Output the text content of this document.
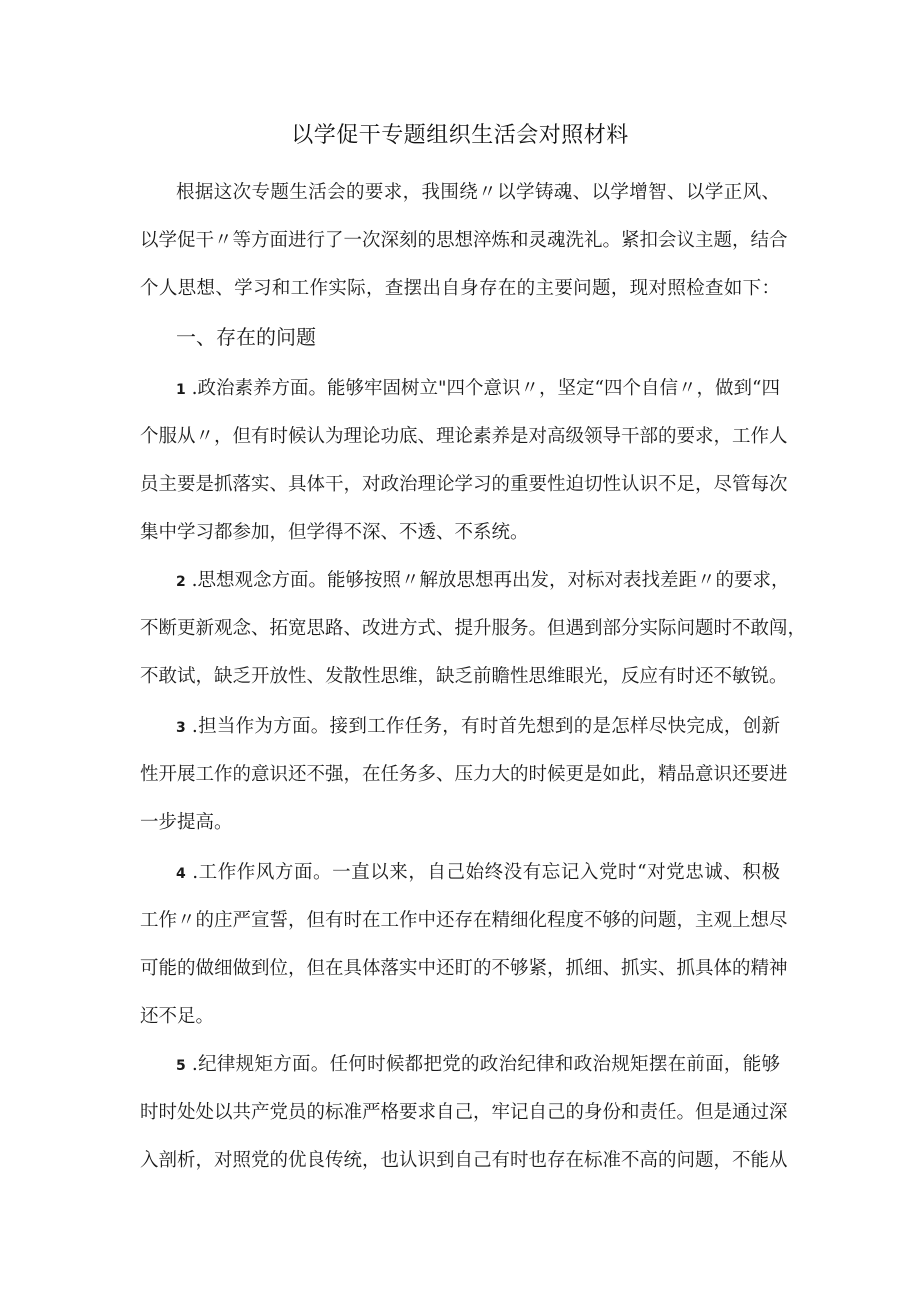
以学促干专题组织生活会对照材料
根据这次专题生活会的要求，我围绕〃以学铸魂、以学增智、以学正风、
以学促干〃等方面进行了一次深刻的思想淬炼和灵魂洗礼。紧扣会议主题，结合
个人思想、学习和工作实际，查摆出自身存在的主要问题，现对照检查如下：
一、存在的问题
1 .政治素养方面。能够牢固树立"四个意识〃，坚定“四个自信〃，做到“四
个服从〃，但有时候认为理论功底、理论素养是对高级领导干部的要求，工作人
员主要是抓落实、具体干，对政治理论学习的重要性迫切性认识不足，尽管每次
集中学习都参加，但学得不深、不透、不系统。
2 .思想观念方面。能够按照〃解放思想再出发，对标对表找差距〃的要求，
不断更新观念、拓宽思路、改进方式、提升服务。但遇到部分实际问题时不敢闯，
不敢试，缺乏开放性、发散性思维，缺乏前瞻性思维眼光，反应有时还不敏锐。
3 .担当作为方面。接到工作任务，有时首先想到的是怎样尽快完成，创新
性开展工作的意识还不强，在任务多、压力大的时候更是如此，精品意识还要进
一步提高。
4 .工作作风方面。一直以来，自己始终没有忘记入党时“对党忠诚、积极
工作〃的庄严宣誓，但有时在工作中还存在精细化程度不够的问题，主观上想尽
可能的做细做到位，但在具体落实中还盯的不够紧，抓细、抓实、抓具体的精神
还不足。
5 .纪律规矩方面。任何时候都把党的政治纪律和政治规矩摆在前面，能够
时时处处以共产党员的标准严格要求自己，牢记自己的身份和责任。但是通过深
入剖析，对照党的优良传统，也认识到自己有时也存在标准不高的问题，不能从
